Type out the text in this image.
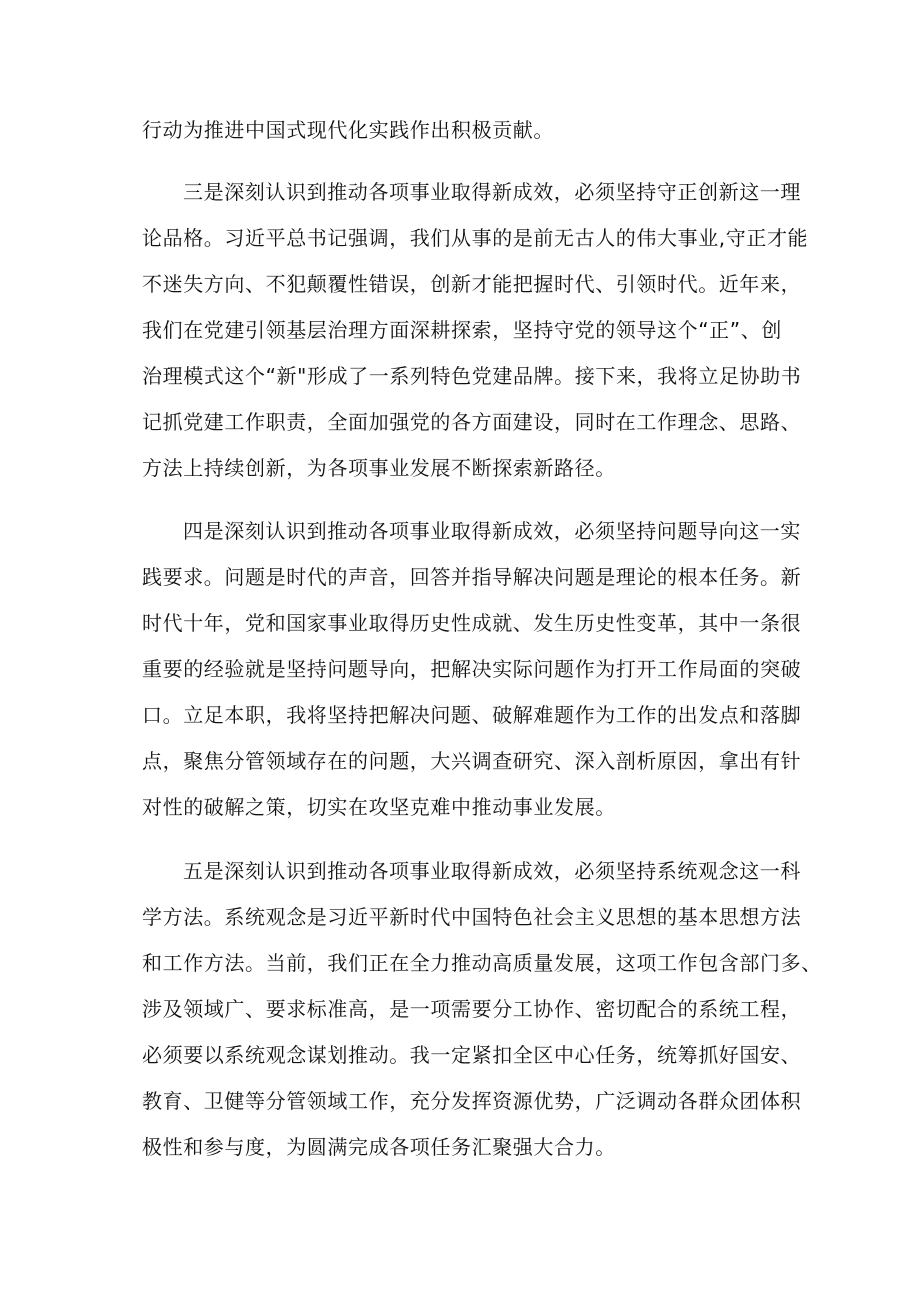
行动为推进中国式现代化实践作出积极贡献。
三是深刻认识到推动各项事业取得新成效，必须坚持守正创新这一理
论品格。习近平总书记强调，我们从事的是前无古人的伟大事业,守正才能
不迷失方向、不犯颠覆性错误，创新才能把握时代、引领时代。近年来，
我们在党建引领基层治理方面深耕探索，坚持守党的领导这个“正”、创
治理模式这个“新"形成了一系列特色党建品牌。接下来，我将立足协助书
记抓党建工作职责，全面加强党的各方面建设，同时在工作理念、思路、
方法上持续创新，为各项事业发展不断探索新路径。
四是深刻认识到推动各项事业取得新成效，必须坚持问题导向这一实
践要求。问题是时代的声音，回答并指导解决问题是理论的根本任务。新
时代十年，党和国家事业取得历史性成就、发生历史性变革，其中一条很
重要的经验就是坚持问题导向，把解决实际问题作为打开工作局面的突破
口。立足本职，我将坚持把解决问题、破解难题作为工作的出发点和落脚
点，聚焦分管领域存在的问题，大兴调查研究、深入剖析原因，拿出有针
对性的破解之策，切实在攻坚克难中推动事业发展。
五是深刻认识到推动各项事业取得新成效，必须坚持系统观念这一科
学方法。系统观念是习近平新时代中国特色社会主义思想的基本思想方法
和工作方法。当前，我们正在全力推动高质量发展，这项工作包含部门多、
涉及领域广、要求标准高，是一项需要分工协作、密切配合的系统工程，
必须要以系统观念谋划推动。我一定紧扣全区中心任务，统筹抓好国安、
教育、卫健等分管领域工作，充分发挥资源优势，广泛调动各群众团体积
极性和参与度，为圆满完成各项任务汇聚强大合力。
